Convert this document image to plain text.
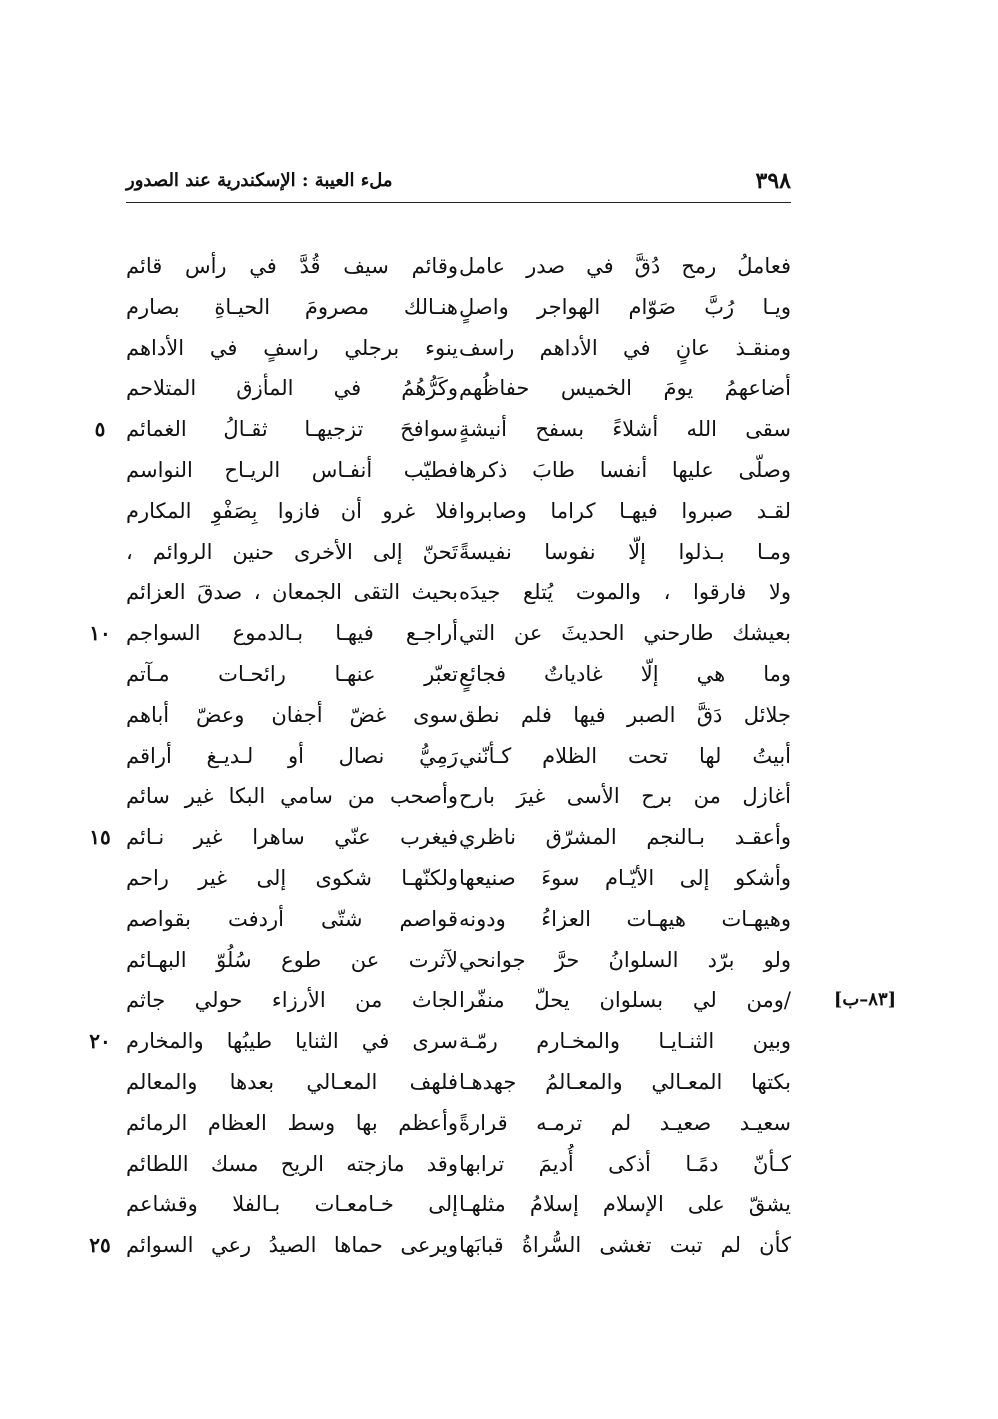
٣٩٨
ملء العيبة : الإسكندرية عند الصدور
فعاملُ رمح دُقَّ في صدر عامل
وقائم سيف قُدَّ في رأس قائم
ويـا رُبَّ صَوّام الهواجر واصلٍ
هنـالك مصرومَ الحيـاةِ بصارم
ومنقـذ عانٍ في الأداهم راسف
ينوء برجلي راسفٍ في الأداهم
أضاعهمُ يومَ الخميس حفاظُهم
وكَرُّهُمُ في المأزق المتلاحم
سقى الله أشلاءً بسفح أنيشةٍ
سوافحَ تزجيهـا ثقـالُ الغمائم
٥
وصلّى عليها أنفسا طابَ ذكرها
فطيّب أنفـاس الريـاح النواسم
لقـد صبروا فيهـا كراما وصابروا
فلا غرو أن فازوا بِصَفْوِ المكارم
ومـا بـذلوا إلّا نفوسا نفيسةً
تَحنّ إلى الأخرى حنين الروائم ،
ولا فارقوا ، والموت يُتلع جيدَه
بحيث التقى الجمعان ، صدقَ العزائم
بعيشك طارحني الحديثَ عن التي
أراجـع فيهـا بـالدموع السواجم
١٠
وما هي إلّا غادياتٌ فجائعٍ
تعبّر عنهـا رائحـات مـآتم
جلائل دَقَّ الصبر فيها فلم نطق
سوى غضّ أجفان وعضّ أباهم
أبيتُ لها تحت الظلام كـأنّني
رَمِيُّ نصال أو لـديـغ أراقم
أغازل من برح الأسى غيرَ بارح
وأصحب من سامي البكا غير سائم
وأعقـد بـالنجم المشرّق ناظري
فيغرب عنّي ساهرا غير نـائم
١٥
وأشكو إلى الأيّـام سوءَ صنيعها
ولكنّهـا شكوى إلى غير راحم
وهيهـات هيهـات العزاءُ ودونه
قواصم شتّى أردفت بقواصم
ولو برّد السلوانُ حرَّ جوانحي
لآثرت عن طوع سُلُوّ البهـائم
/ومن لي بسلوان يحلّ منفّرا
لجاث من الأرزاء حولي جاثم	[٨٣–ب]
وبين الثنـايـا والمخـارم رمّـة
سرى في الثنايا طيبُها والمخارم
٢٠
بكتها المعـالي والمعـالمُ جهدهـا
فلهف المعـالي بعدها والمعالم
سعيـد صعيـد لم ترمـه قرارةً
وأعظم بها وسط العظام الرمائم
كـأنّ دمًـا أذكى أُديمَ ترابها
وقد مازجته الريح مسك اللطائم
يشقّ على الإسلام إسلامُ مثلهـا
إلى خـامعـات بـالفلا وقشاعم
كأن لم تبت تغشى السُّراةُ قبابَها
ويرعى حماها الصيدُ رعي السوائم
٢٥
